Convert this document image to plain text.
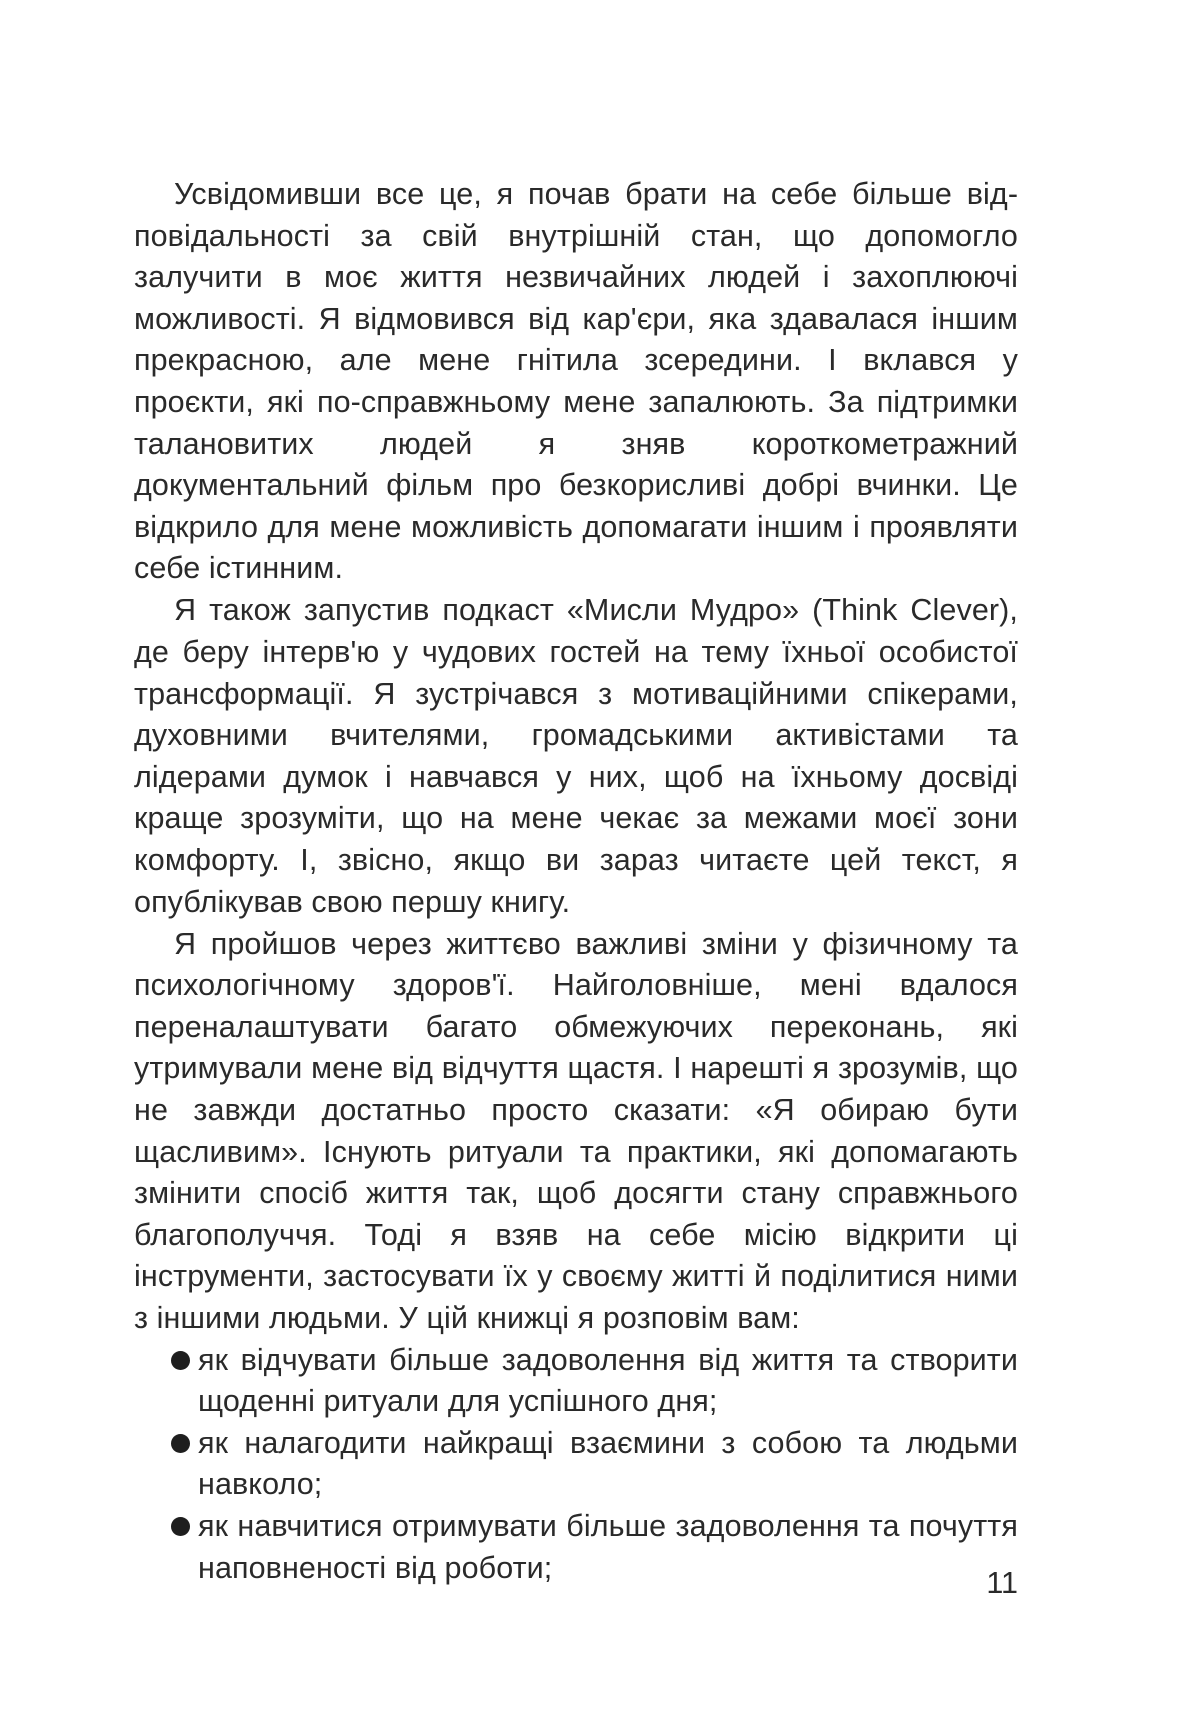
Усвідомивши все це, я почав брати на себе більше відповідальності за свій внутрішній стан, що допомогло залучити в моє життя незвичайних людей і захоплюючі можливості. Я відмовився від кар'єри, яка здавалася іншим прекрасною, але мене гнітила зсередини. І вклався у проєкти, які по-справжньому мене запалюють. За підтримки талановитих людей я зняв короткометражний документальний фільм про безкорисливі добрі вчинки. Це відкрило для мене можливість допомагати іншим і проявляти себе істинним.

Я також запустив подкаст «Мисли Мудро» (Think Clever), де беру інтерв'ю у чудових гостей на тему їхньої особистої трансформації. Я зустрічався з мотиваційними спікерами, духовними вчителями, громадськими активістами та лідерами думок і навчався у них, щоб на їхньому досвіді краще зрозуміти, що на мене чекає за межами моєї зони комфорту. І, звісно, якщо ви зараз читаєте цей текст, я опублікував свою першу книгу.

Я пройшов через життєво важливі зміни у фізичному та психологічному здоров'ї. Найголовніше, мені вдалося переналаштувати багато обмежуючих переконань, які утримували мене від відчуття щастя. І нарешті я зрозумів, що не завжди достатньо просто сказати: «Я обираю бути щасливим». Існують ритуали та практики, які допомагають змінити спосіб життя так, щоб досягти стану справжнього благополуччя. Тоді я взяв на себе місію відкрити ці інструменти, застосувати їх у своєму житті й поділитися ними з іншими людьми. У цій книжці я розповім вам:

як відчувати більше задоволення від життя та створити щоденні ритуали для успішного дня;
як налагодити найкращі взаємини з собою та людьми навколо;
як навчитися отримувати більше задоволення та почуття наповненості від роботи;	11
